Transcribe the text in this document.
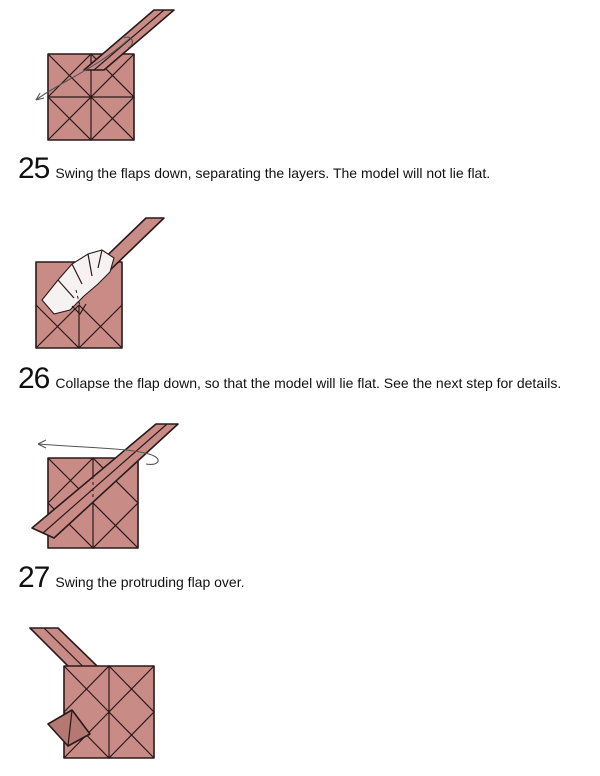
25 Swing the flaps down, separating the layers. The model will not lie flat.
26 Collapse the flap down, so that the model will lie flat. See the next step for details.
27 Swing the protruding flap over.
